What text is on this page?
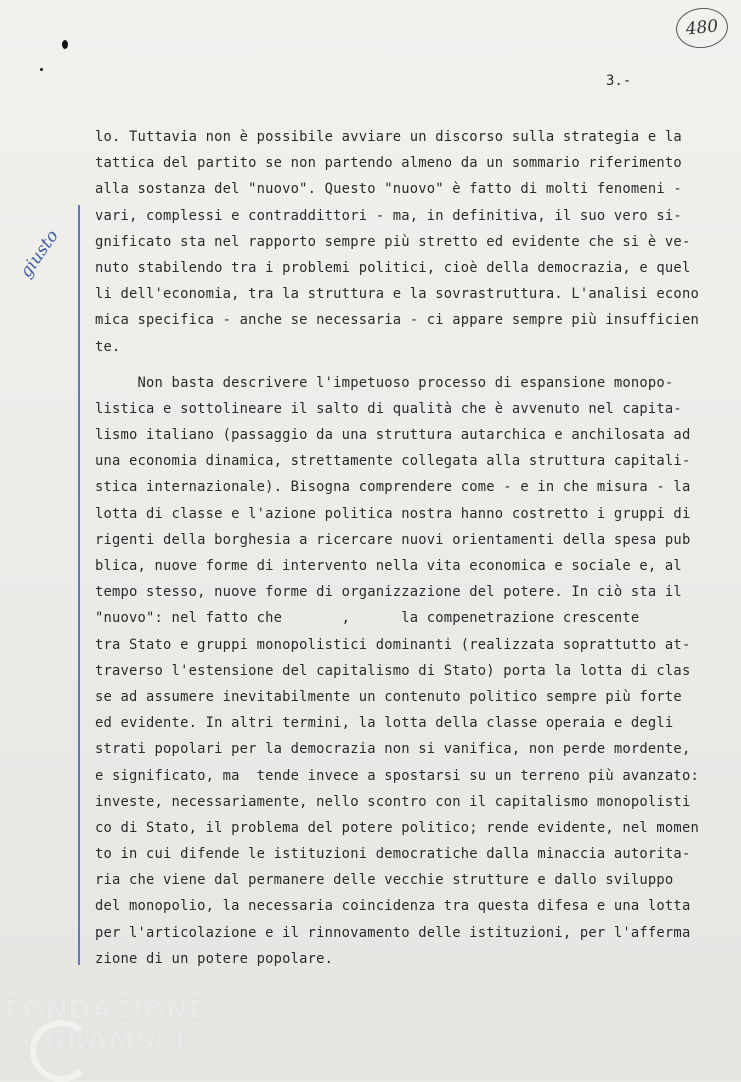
480
3.-
giusto
lo. Tuttavia non è possibile avviare un discorso sulla strategia e la
tattica del partito se non partendo almeno da un sommario riferimento
alla sostanza del "nuovo". Questo "nuovo" è fatto di molti fenomeni -
vari, complessi e contraddittori - ma, in definitiva, il suo vero si-
gnificato sta nel rapporto sempre più stretto ed evidente che si è ve-
nuto stabilendo tra i problemi politici, cioè della democrazia, e quel
li dell'economia, tra la struttura e la sovrastruttura. L'analisi econo
mica specifica - anche se necessaria - ci appare sempre più insufficien
te.
Non basta descrivere l'impetuoso processo di espansione monopo-
listica e sottolineare il salto di qualità che è avvenuto nel capita-
lismo italiano (passaggio da una struttura autarchica e anchilosata ad
una economia dinamica, strettamente collegata alla struttura capitali-
stica internazionale). Bisogna comprendere come - e in che misura - la
lotta di classe e l'azione politica nostra hanno costretto i gruppi di
rigenti della borghesia a ricercare nuovi orientamenti della spesa pub
blica, nuove forme di intervento nella vita economica e sociale e, al
tempo stesso, nuove forme di organizzazione del potere. In ciò sta il
"nuovo": nel fatto che       ,      la compenetrazione crescente
tra Stato e gruppi monopolistici dominanti (realizzata soprattutto at-
traverso l'estensione del capitalismo di Stato) porta la lotta di clas
se ad assumere inevitabilmente un contenuto politico sempre più forte
ed evidente. In altri termini, la lotta della classe operaia e degli
strati popolari per la democrazia non si vanifica, non perde mordente,
e significato, ma  tende invece a spostarsi su un terreno più avanzato:
investe, necessariamente, nello scontro con il capitalismo monopolisti
co di Stato, il problema del potere politico; rende evidente, nel momen
to in cui difende le istituzioni democratiche dalla minaccia autorita-
ria che viene dal permanere delle vecchie strutture e dallo sviluppo
del monopolio, la necessaria coincidenza tra questa difesa e una lotta
per l'articolazione e il rinnovamento delle istituzioni, per l'afferma
zione di un potere popolare.
FONDAZIONE
GRAMSCI
